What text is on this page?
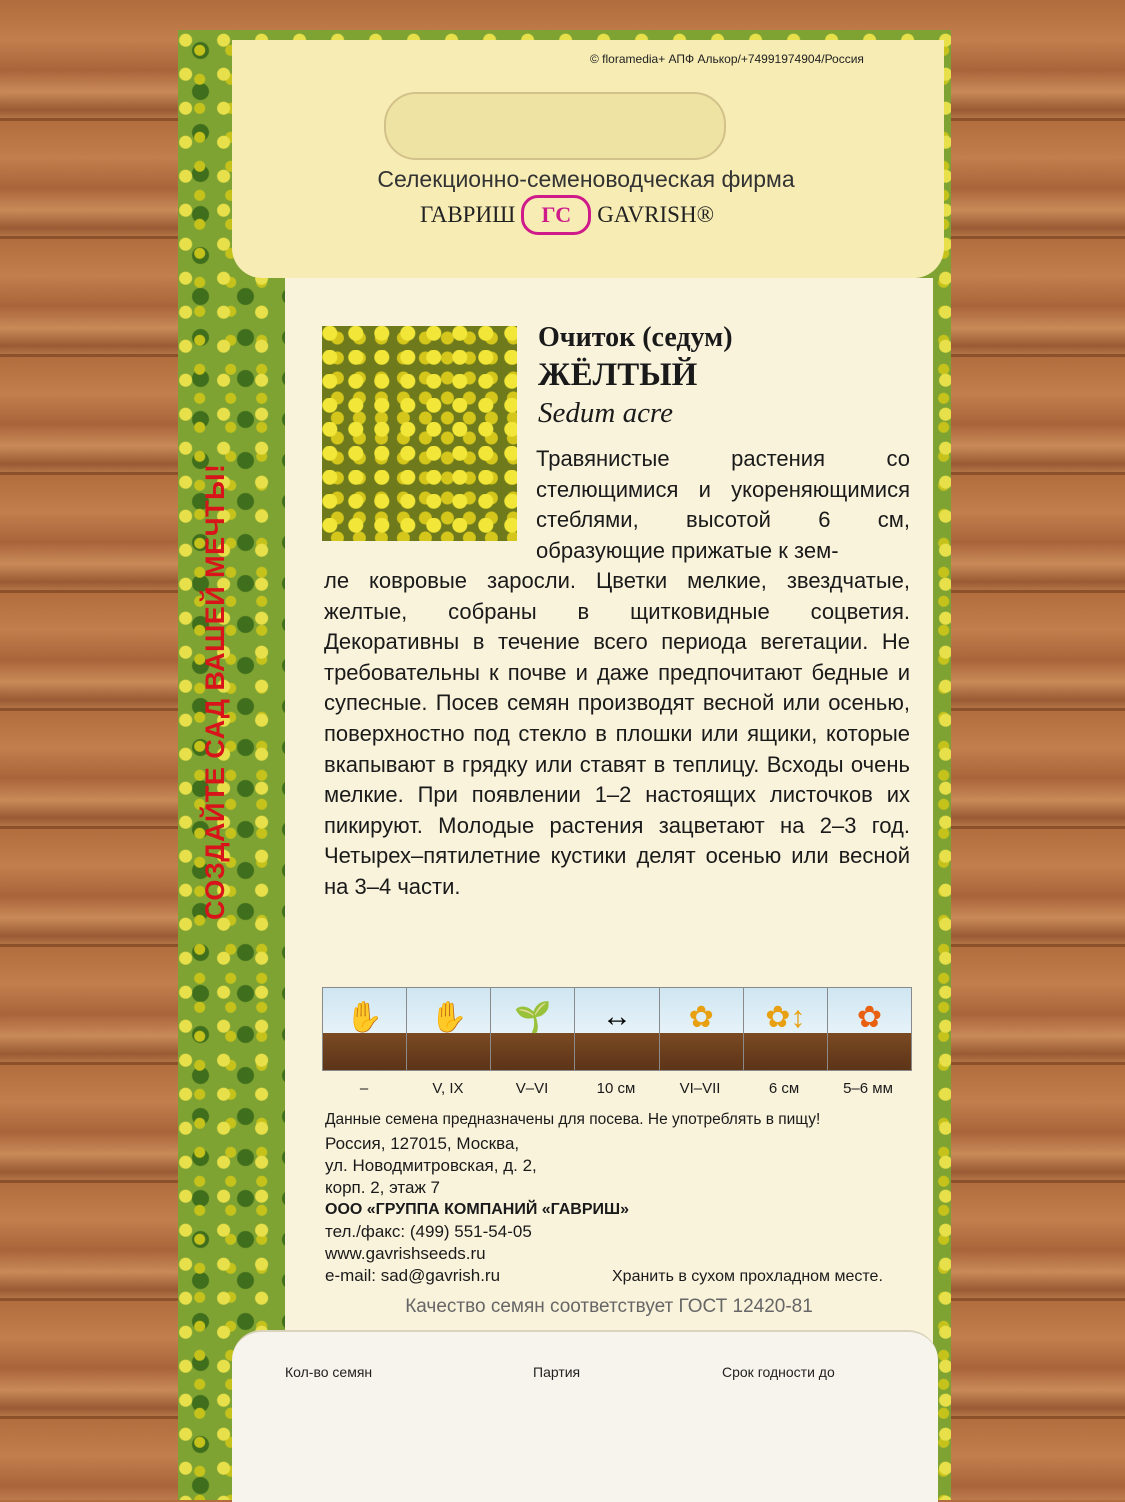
© floramedia+ АПФ Алькор/+74991974904/Россия
Селекционно-семеноводческая фирма
ГАВРИШ	ГС	GAVRISH®
СОЗДАЙТЕ САД ВАШЕЙ МЕЧТЫ!
Очиток (седум)
ЖЁЛТЫЙ
Sedum acre
Травянистые растения со стелющимися и укореняющимися стеблями, высотой 6 см, образующие прижатые к зем-
ле ковровые заросли. Цветки мелкие, звездчатые, желтые, собраны в щитковидные соцветия. Декоративны в течение всего периода вегетации. Не требовательны к почве и даже предпочитают бедные и супесные. Посев семян производят весной или осенью, поверхностно под стекло в плошки или ящики, которые вкапывают в грядку или ставят в теплицу. Всходы очень мелкие. При появлении 1–2 настоящих листочков их пикируют. Молодые растения зацветают на 2–3 год. Четырех–пятилетние кустики делят осенью или весной на 3–4 части.
✋	✋	🌱	↔	✿	✿↕	✿
–	V, IX	V–VI	10 см	VI–VII	6 см	5–6 мм
Данные семена предназначены для посева. Не употреблять в пищу!
Россия, 127015, Москва,
ул. Новодмитровская, д. 2,
корп. 2, этаж 7
ООО «ГРУППА КОМПАНИЙ «ГАВРИШ»
тел./факс: (499) 551-54-05
www.gavrishseeds.ru
e-mail: sad@gavrish.ru	Хранить в сухом прохладном месте.
Качество семян соответствует ГОСТ 12420-81
Кол-во семян	Партия	Срок годности до
